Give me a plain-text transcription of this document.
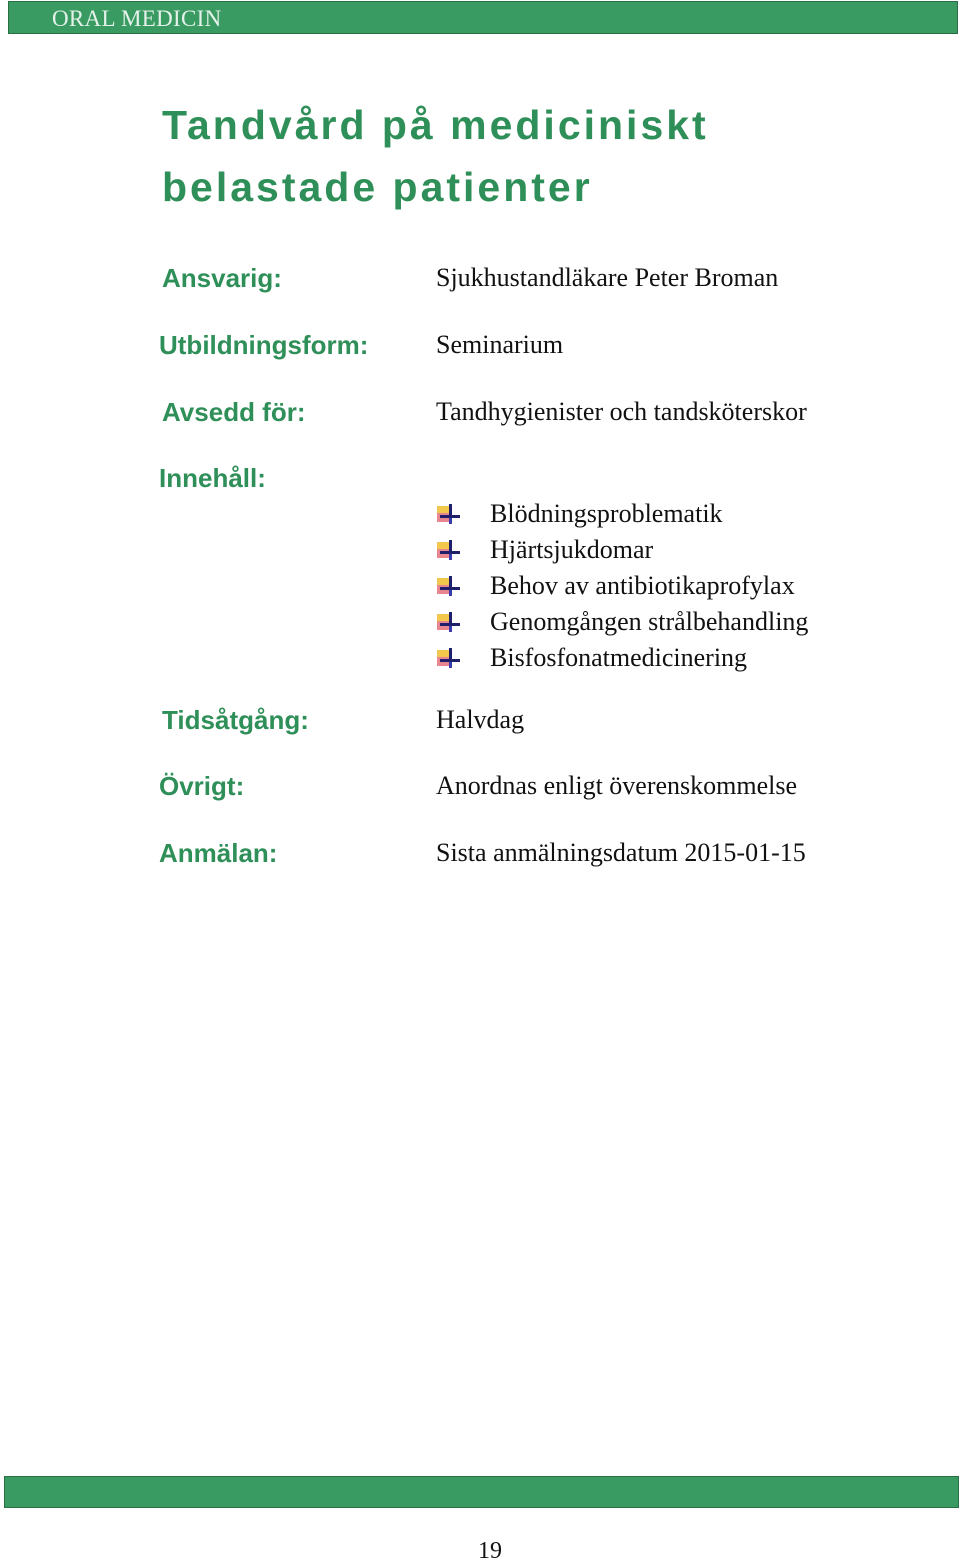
ORAL MEDICIN
Tandvård på mediciniskt
belastade patienter
Ansvarig:	Sjukhustandläkare Peter Broman
Utbildningsform:	Seminarium
Avsedd för:	Tandhygienister och tandsköterskor
Innehåll:
Blödningsproblematik
Hjärtsjukdomar
Behov av antibiotikaprofylax
Genomgången strålbehandling
Bisfosfonatmedicinering
Tidsåtgång:	Halvdag
Övrigt:	Anordnas enligt överenskommelse
Anmälan:	Sista anmälningsdatum 2015-01-15
19
